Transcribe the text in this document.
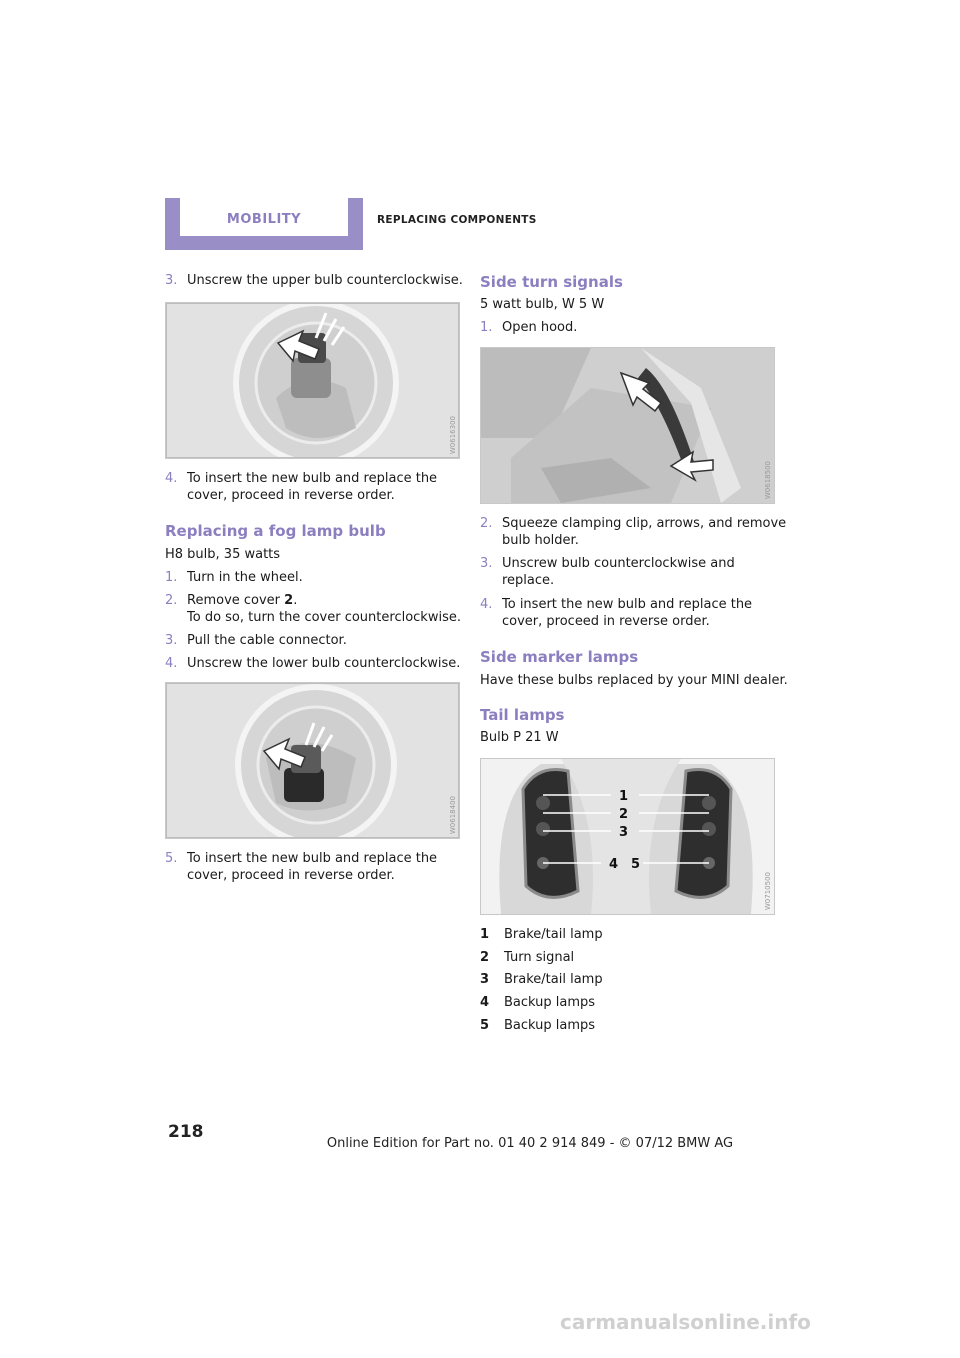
MOBILITY	REPLACING COMPONENTS
3. Unscrew the upper bulb counterclockwise.
W0616300
4. To insert the new bulb and replace the
cover, proceed in reverse order.
Replacing a fog lamp bulb
H8 bulb, 35 watts
1. Turn in the wheel.
2. Remove cover 2.
To do so, turn the cover counterclockwise.
3. Pull the cable connector.
4. Unscrew the lower bulb counterclockwise.
W0618400
5. To insert the new bulb and replace the
cover, proceed in reverse order.
Side turn signals
5 watt bulb, W 5 W
1. Open hood.
W0618500
2. Squeeze clamping clip, arrows, and remove
bulb holder.
3. Unscrew bulb counterclockwise and
replace.
4. To insert the new bulb and replace the
cover, proceed in reverse order.
Side marker lamps
Have these bulbs replaced by your MINI dealer.
Tail lamps
Bulb P 21 W
1
2
3
4 5
W0710500
1 Brake/tail lamp
2 Turn signal
3 Brake/tail lamp
4 Backup lamps
5 Backup lamps
218
Online Edition for Part no. 01 40 2 914 849 - © 07/12 BMW AG
carmanualsonline.info
